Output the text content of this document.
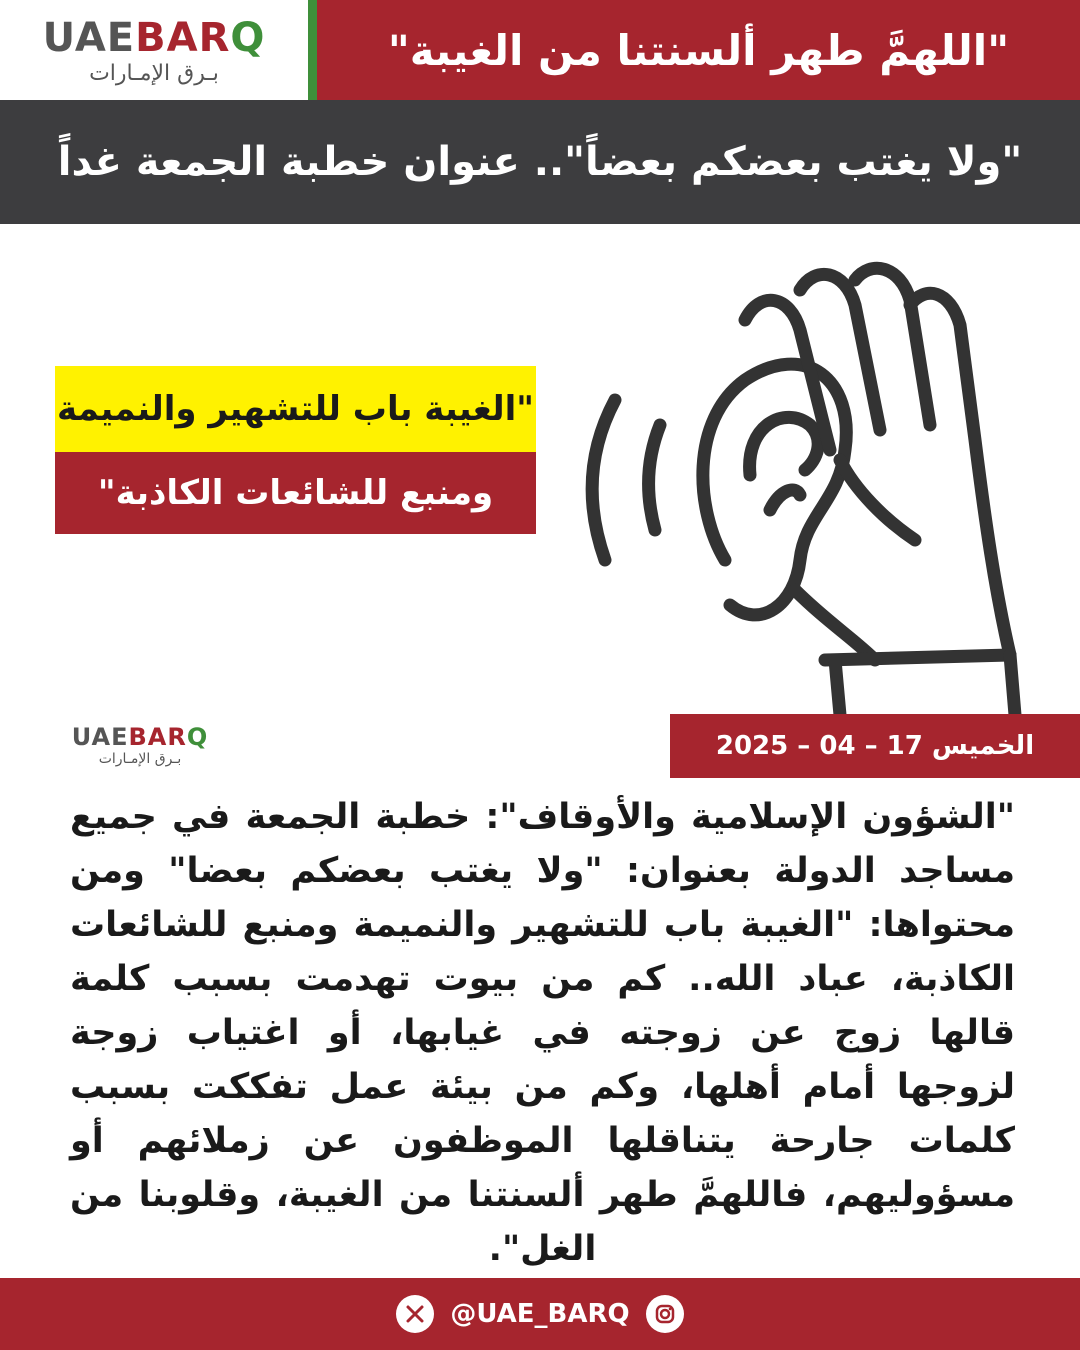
UAEBARQ
بـرق الإمـارات	"اللهمَّ طهر ألسنتنا من الغيبة"
"ولا يغتب بعضكم بعضاً".. عنوان خطبة الجمعة غداً
"الغيبة باب للتشهير والنميمة
ومنبع للشائعات الكاذبة"
UAEBARQ
بـرق الإمـارات	الخميس 17 – 04 – 2025
"الشؤون الإسلامية والأوقاف": خطبة الجمعة في جميع مساجد الدولة بعنوان: "ولا يغتب بعضكم بعضا" ومن محتواها: "الغيبة باب للتشهير والنميمة ومنبع للشائعات الكاذبة، عباد الله.. كم من بيوت تهدمت بسبب كلمة قالها زوج عن زوجته في غيابها، أو اغتياب زوجة لزوجها أمام أهلها، وكم من بيئة عمل تفككت بسبب كلمات جارحة يتناقلها الموظفون عن زملائهم أو مسؤوليهم، فاللهمَّ طهر ألسنتنا من الغيبة، وقلوبنا من الغل".
@UAE_BARQ
